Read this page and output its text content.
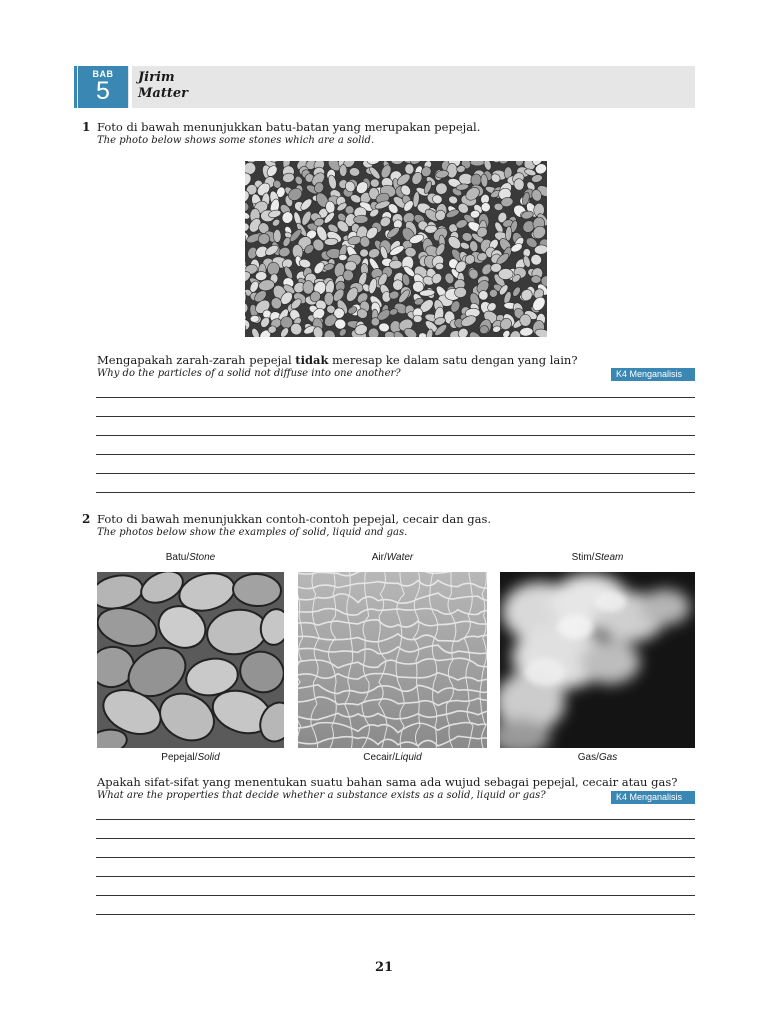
BAB
5	Jirim
Matter
1 Foto di bawah menunjukkan batu-batan yang merupakan pepejal.
The photo below shows some stones which are a solid.
Mengapakah zarah-zarah pepejal tidak meresap ke dalam satu dengan yang lain?
Why do the particles of a solid not diffuse into one another?	K4 Menganalisis
2 Foto di bawah menunjukkan contoh-contoh pepejal, cecair dan gas.
The photos below show the examples of solid, liquid and gas.
Batu/Stone	Air/Water	Stim/Steam
Pepejal/Solid	Cecair/Liquid	Gas/Gas
Apakah sifat-sifat yang menentukan suatu bahan sama ada wujud sebagai pepejal, cecair atau gas?
What are the properties that decide whether a substance exists as a solid, liquid or gas?	K4 Menganalisis
21
